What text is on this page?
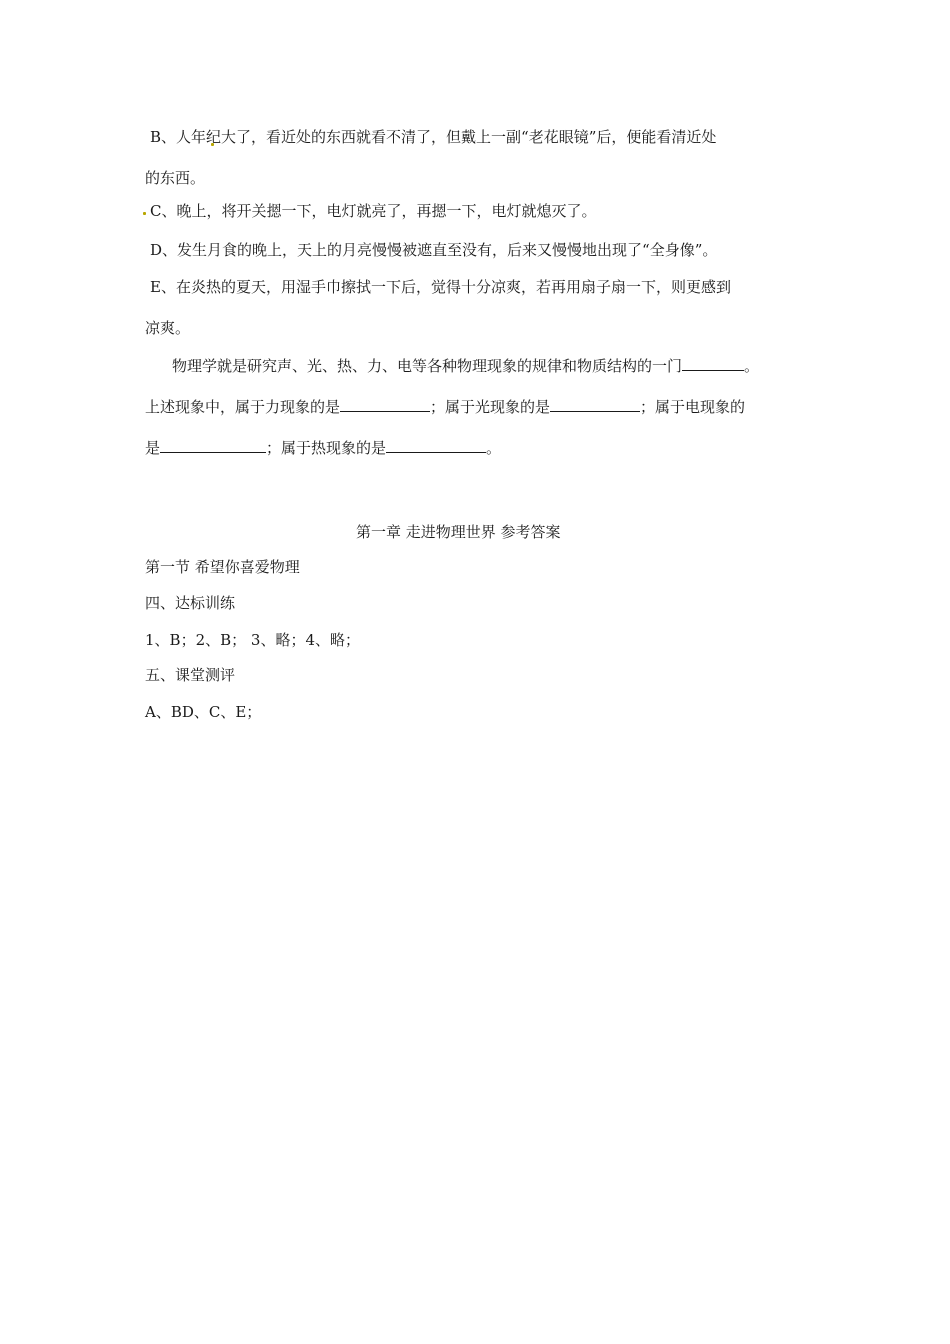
B、人年纪大了，看近处的东西就看不清了，但戴上一副“老花眼镜”后，便能看清近处
的东西。
C、晚上，将开关摁一下，电灯就亮了，再摁一下，电灯就熄灭了。
D、发生月食的晚上，天上的月亮慢慢被遮直至没有，后来又慢慢地出现了“全身像”。
E、在炎热的夏天，用湿手巾擦拭一下后，觉得十分凉爽，若再用扇子扇一下，则更感到
凉爽。
物理学就是研究声、光、热、力、电等各种物理现象的规律和物质结构的一门	。
上述现象中，属于力现象的是	；属于光现象的是	；属于电现象的
是	；属于热现象的是	。
第一章 走进物理世界 参考答案
第一节 希望你喜爱物理
四、达标训练
1、B；2、B； 3、略；4、略；
五、课堂测评
A、BD、C、E；
